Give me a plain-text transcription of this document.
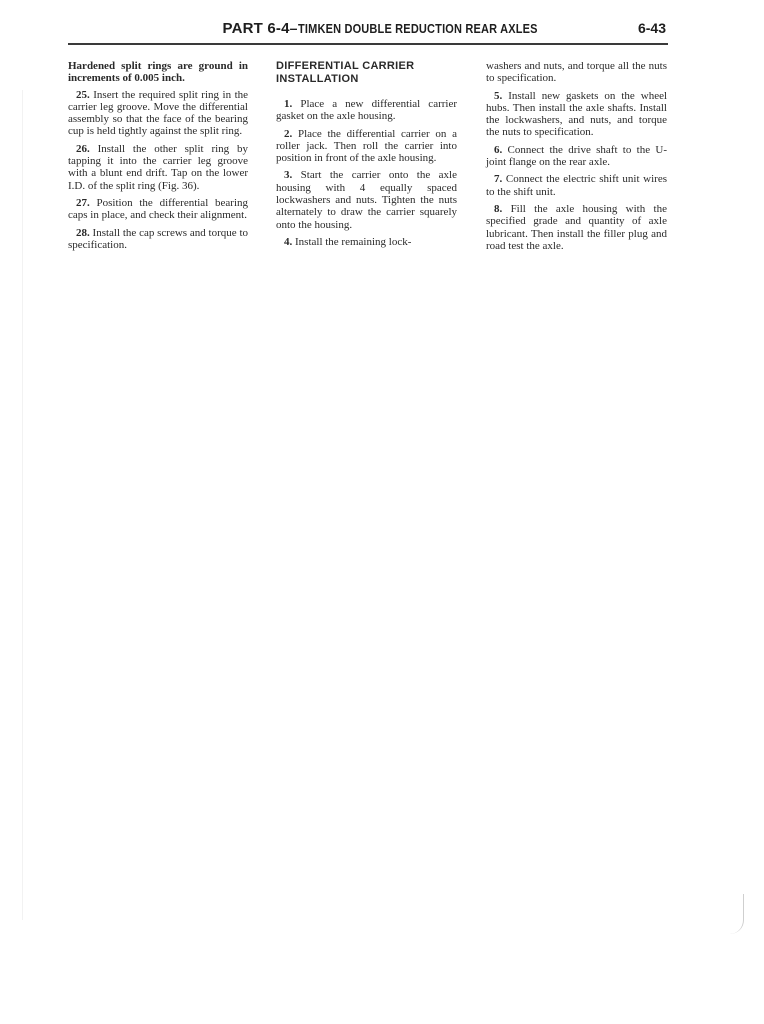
PART 6-4–TIMKEN DOUBLE REDUCTION REAR AXLES	6-43

Hardened split rings are ground in increments of 0.005 inch.

25. Insert the required split ring in the carrier leg groove. Move the differential assembly so that the face of the bearing cup is held tightly against the split ring.

26. Install the other split ring by tapping it into the carrier leg groove with a blunt end drift. Tap on the lower I.D. of the split ring (Fig. 36).

27. Position the differential bearing caps in place, and check their alignment.

28. Install the cap screws and torque to specification.

DIFFERENTIAL CARRIER
INSTALLATION

1. Place a new differential carrier gasket on the axle housing.

2. Place the differential carrier on a roller jack. Then roll the carrier into position in front of the axle housing.

3. Start the carrier onto the axle housing with 4 equally spaced lockwashers and nuts. Tighten the nuts alternately to draw the carrier squarely onto the housing.

4. Install the remaining lock-

washers and nuts, and torque all the nuts to specification.

5. Install new gaskets on the wheel hubs. Then install the axle shafts. Install the lockwashers, and nuts, and torque the nuts to specification.

6. Connect the drive shaft to the U-joint flange on the rear axle.

7. Connect the electric shift unit wires to the shift unit.

8. Fill the axle housing with the specified grade and quantity of axle lubricant. Then install the filler plug and road test the axle.
